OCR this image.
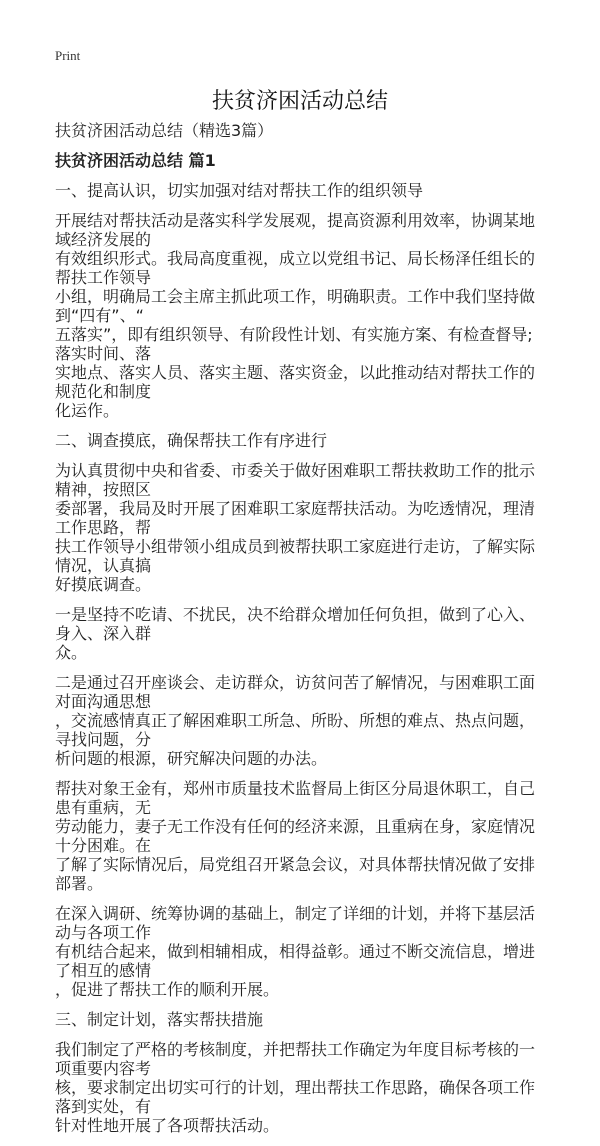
Print
扶贫济困活动总结

扶贫济困活动总结（精选3篇）

扶贫济困活动总结 篇1

一、提高认识，切实加强对结对帮扶工作的组织领导

开展结对帮扶活动是落实科学发展观，提高资源利用效率，协调某地域经济发展的
有效组织形式。我局高度重视，成立以党组书记、局长杨泽任组长的帮扶工作领导
小组，明确局工会主席主抓此项工作，明确职责。工作中我们坚持做到“四有”、“
五落实”，即有组织领导、有阶段性计划、有实施方案、有检查督导;落实时间、落
实地点、落实人员、落实主题、落实资金，以此推动结对帮扶工作的规范化和制度
化运作。

二、调查摸底，确保帮扶工作有序进行

为认真贯彻中央和省委、市委关于做好困难职工帮扶救助工作的批示精神，按照区
委部署，我局及时开展了困难职工家庭帮扶活动。为吃透情况，理清工作思路，帮
扶工作领导小组带领小组成员到被帮扶职工家庭进行走访，了解实际情况，认真搞
好摸底调查。

一是坚持不吃请、不扰民，决不给群众增加任何负担，做到了心入、身入、深入群
众。

二是通过召开座谈会、走访群众，访贫问苦了解情况，与困难职工面对面沟通思想
，交流感情真正了解困难职工所急、所盼、所想的难点、热点问题，寻找问题，分
析问题的根源，研究解决问题的办法。

帮扶对象王金有，郑州市质量技术监督局上街区分局退休职工，自己患有重病，无
劳动能力，妻子无工作没有任何的经济来源，且重病在身，家庭情况十分困难。在
了解了实际情况后，局党组召开紧急会议，对具体帮扶情况做了安排部署。

在深入调研、统筹协调的基础上，制定了详细的计划，并将下基层活动与各项工作
有机结合起来，做到相辅相成，相得益彰。通过不断交流信息，增进了相互的感情
，促进了帮扶工作的顺利开展。

三、制定计划，落实帮扶措施

我们制定了严格的考核制度，并把帮扶工作确定为年度目标考核的一项重要内容考
核，要求制定出切实可行的计划，理出帮扶工作思路，确保各项工作落到实处，有
针对性地开展了各项帮扶活动。
